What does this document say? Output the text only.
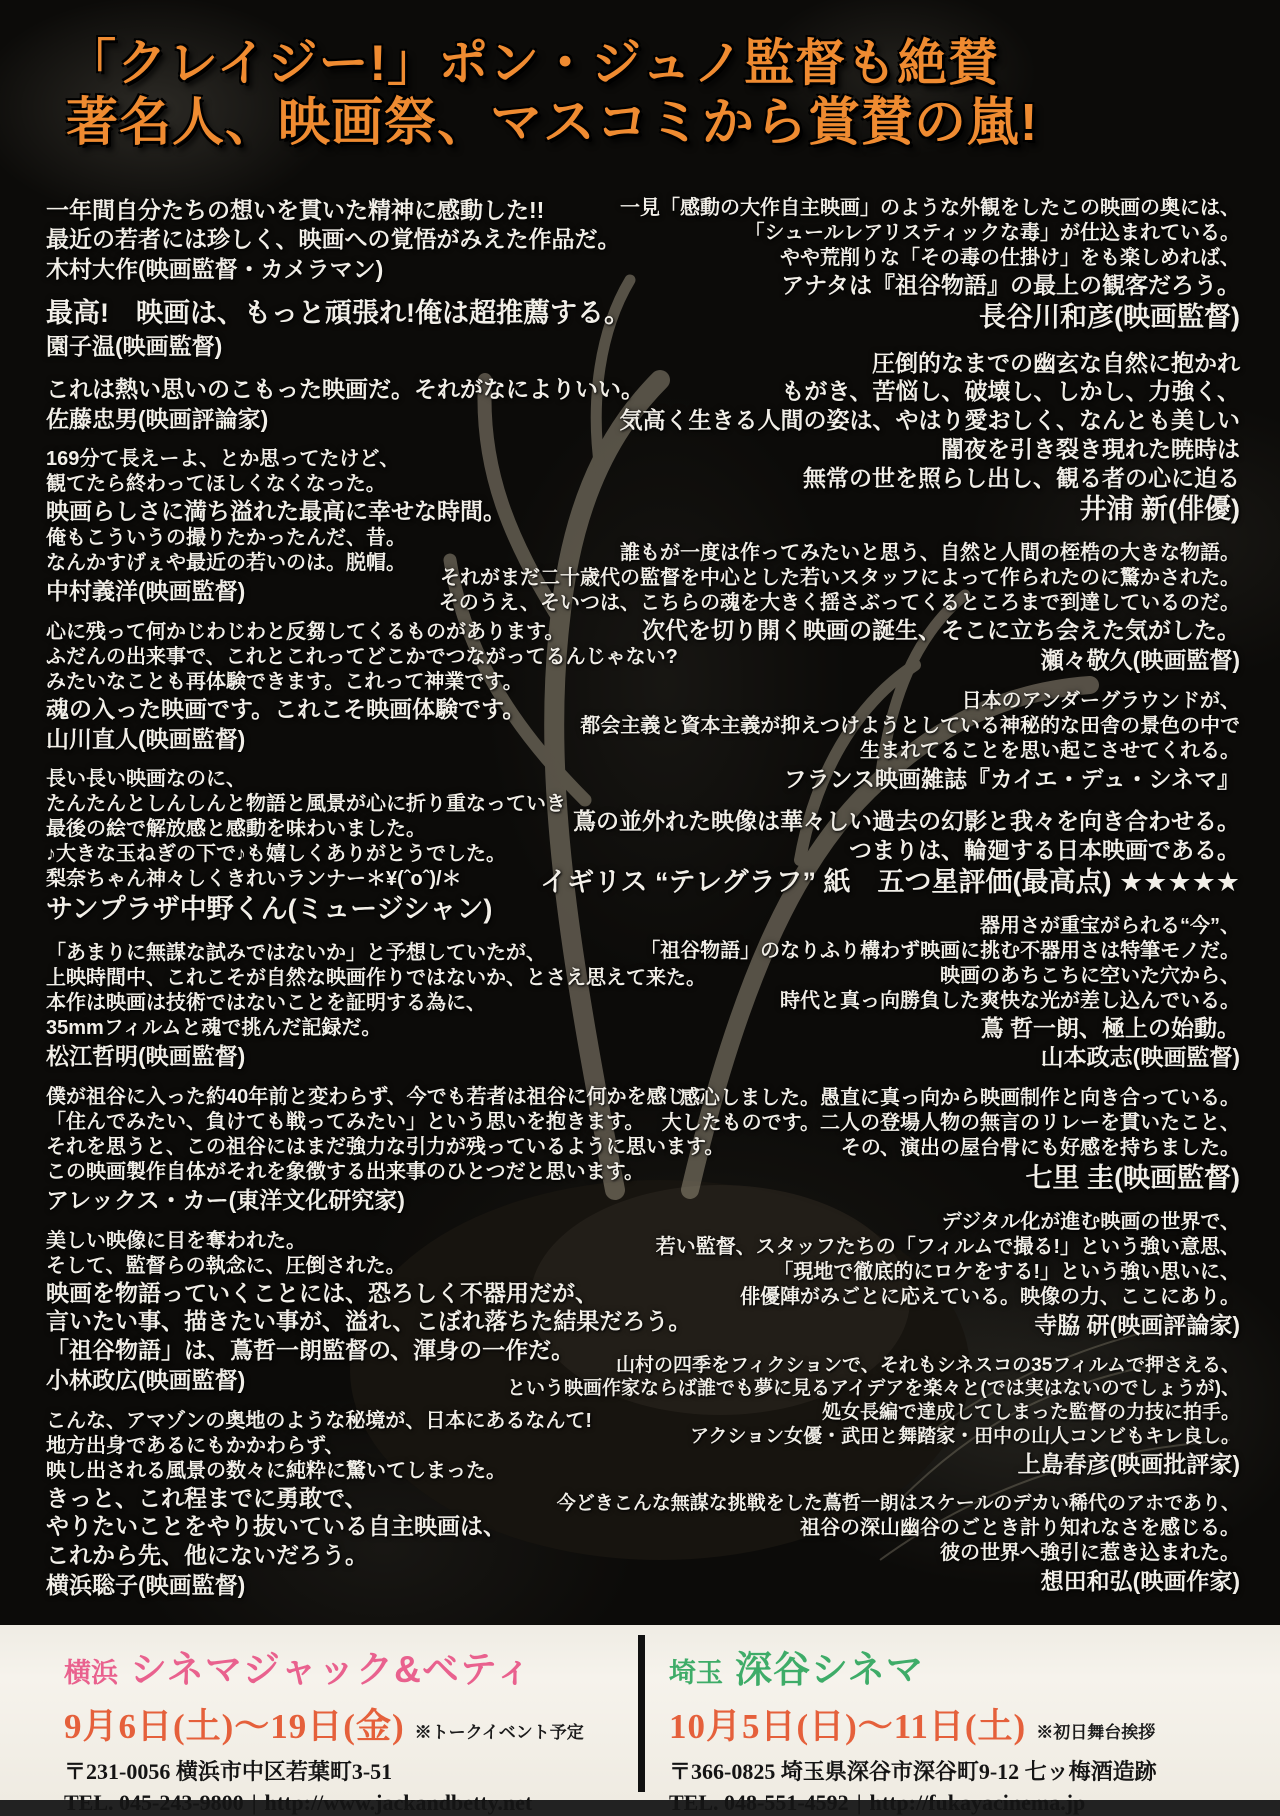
「クレイジー!」ポン・ジュノ監督も絶賛
著名人、映画祭、マスコミから賞賛の嵐!
一年間自分たちの想いを貫いた精神に感動した!!
最近の若者には珍しく、映画への覚悟がみえた作品だ。
木村大作(映画監督・カメラマン)
最高!　映画は、もっと頑張れ!俺は超推薦する。
園子温(映画監督)
これは熱い思いのこもった映画だ。それがなによりいい。
佐藤忠男(映画評論家)
169分て長えーよ、とか思ってたけど、
観てたら終わってほしくなくなった。
映画らしさに満ち溢れた最高に幸せな時間。
俺もこういうの撮りたかったんだ、昔。
なんかすげぇや最近の若いのは。脱帽。
中村義洋(映画監督)
心に残って何かじわじわと反芻してくるものがあります。
ふだんの出来事で、これとこれってどこかでつながってるんじゃない?
みたいなことも再体験できます。これって神業です。
魂の入った映画です。これこそ映画体験です。
山川直人(映画監督)
長い長い映画なのに、
たんたんとしんしんと物語と風景が心に折り重なっていき
最後の絵で解放感と感動を味わいました。
♪大きな玉ねぎの下で♪も嬉しくありがとうでした。
梨奈ちゃん神々しくきれいランナー＊¥(ˆoˆ)/＊
サンプラザ中野くん(ミュージシャン)
「あまりに無謀な試みではないか」と予想していたが、
上映時間中、これこそが自然な映画作りではないか、とさえ思えて来た。
本作は映画は技術ではないことを証明する為に、
35mmフィルムと魂で挑んだ記録だ。
松江哲明(映画監督)
僕が祖谷に入った約40年前と変わらず、今でも若者は祖谷に何かを感じて
「住んでみたい、負けても戦ってみたい」という思いを抱きます。
それを思うと、この祖谷にはまだ強力な引力が残っているように思います。
この映画製作自体がそれを象徴する出来事のひとつだと思います。
アレックス・カー(東洋文化研究家)
美しい映像に目を奪われた。
そして、監督らの執念に、圧倒された。
映画を物語っていくことには、恐ろしく不器用だが、
言いたい事、描きたい事が、溢れ、こぼれ落ちた結果だろう。
「祖谷物語」は、蔦哲一朗監督の、渾身の一作だ。
小林政広(映画監督)
こんな、アマゾンの奥地のような秘境が、日本にあるなんて!
地方出身であるにもかかわらず、
映し出される風景の数々に純粋に驚いてしまった。
きっと、これ程までに勇敢で、
やりたいことをやり抜いている自主映画は、
これから先、他にないだろう。
横浜聡子(映画監督)
一見「感動の大作自主映画」のような外観をしたこの映画の奥には、
「シュールレアリスティックな毒」が仕込まれている。
やや荒削りな「その毒の仕掛け」をも楽しめれば、
アナタは『祖谷物語』の最上の観客だろう。
長谷川和彦(映画監督)
圧倒的なまでの幽玄な自然に抱かれ
もがき、苦悩し、破壊し、しかし、力強く、
気高く生きる人間の姿は、やはり愛おしく、なんとも美しい
闇夜を引き裂き現れた暁時は
無常の世を照らし出し、観る者の心に迫る
井浦 新(俳優)
誰もが一度は作ってみたいと思う、自然と人間の桎梏の大きな物語。
それがまだ二十歳代の監督を中心とした若いスタッフによって作られたのに驚かされた。
そのうえ、そいつは、こちらの魂を大きく揺さぶってくるところまで到達しているのだ。
次代を切り開く映画の誕生、そこに立ち会えた気がした。
瀬々敬久(映画監督)
日本のアンダーグラウンドが、
都会主義と資本主義が抑えつけようとしている神秘的な田舎の景色の中で
生まれてることを思い起こさせてくれる。
フランス映画雑誌『カイエ・デュ・シネマ』
蔦の並外れた映像は華々しい過去の幻影と我々を向き合わせる。
つまりは、輪廻する日本映画である。
イギリス “テレグラフ” 紙　五つ星評価(最高点) ★★★★★
器用さが重宝がられる“今”、
「祖谷物語」のなりふり構わず映画に挑む不器用さは特筆モノだ。
映画のあちこちに空いた穴から、
時代と真っ向勝負した爽快な光が差し込んでいる。
蔦 哲一朗、極上の始動。
山本政志(映画監督)
感心しました。愚直に真っ向から映画制作と向き合っている。
大したものです。二人の登場人物の無言のリレーを貫いたこと、
その、演出の屋台骨にも好感を持ちました。
七里 圭(映画監督)
デジタル化が進む映画の世界で、
若い監督、スタッフたちの「フィルムで撮る!」という強い意思、
「現地で徹底的にロケをする!」という強い思いに、
俳優陣がみごとに応えている。映像の力、ここにあり。
寺脇 研(映画評論家)
山村の四季をフィクションで、それもシネスコの35フィルムで押さえる、
という映画作家ならば誰でも夢に見るアイデアを楽々と(では実はないのでしょうが)、
処女長編で達成してしまった監督の力技に拍手。
アクション女優・武田と舞踏家・田中の山人コンビもキレ良し。
上島春彦(映画批評家)
今どきこんな無謀な挑戦をした蔦哲一朗はスケールのデカい稀代のアホであり、
祖谷の深山幽谷のごとき計り知れなさを感じる。
彼の世界へ強引に惹き込まれた。
想田和弘(映画作家)
横浜 シネマジャック&ベティ
9月6日(土)〜19日(金) ※トークイベント予定
〒231-0056 横浜市中区若葉町3-51
TEL. 045-243-9800 | http://www.jackandbetty.net
埼玉 深谷シネマ
10月5日(日)〜11日(土) ※初日舞台挨拶
〒366-0825 埼玉県深谷市深谷町9-12 七ッ梅酒造跡
TEL. 048-551-4592 | http://fukayacinema.jp
